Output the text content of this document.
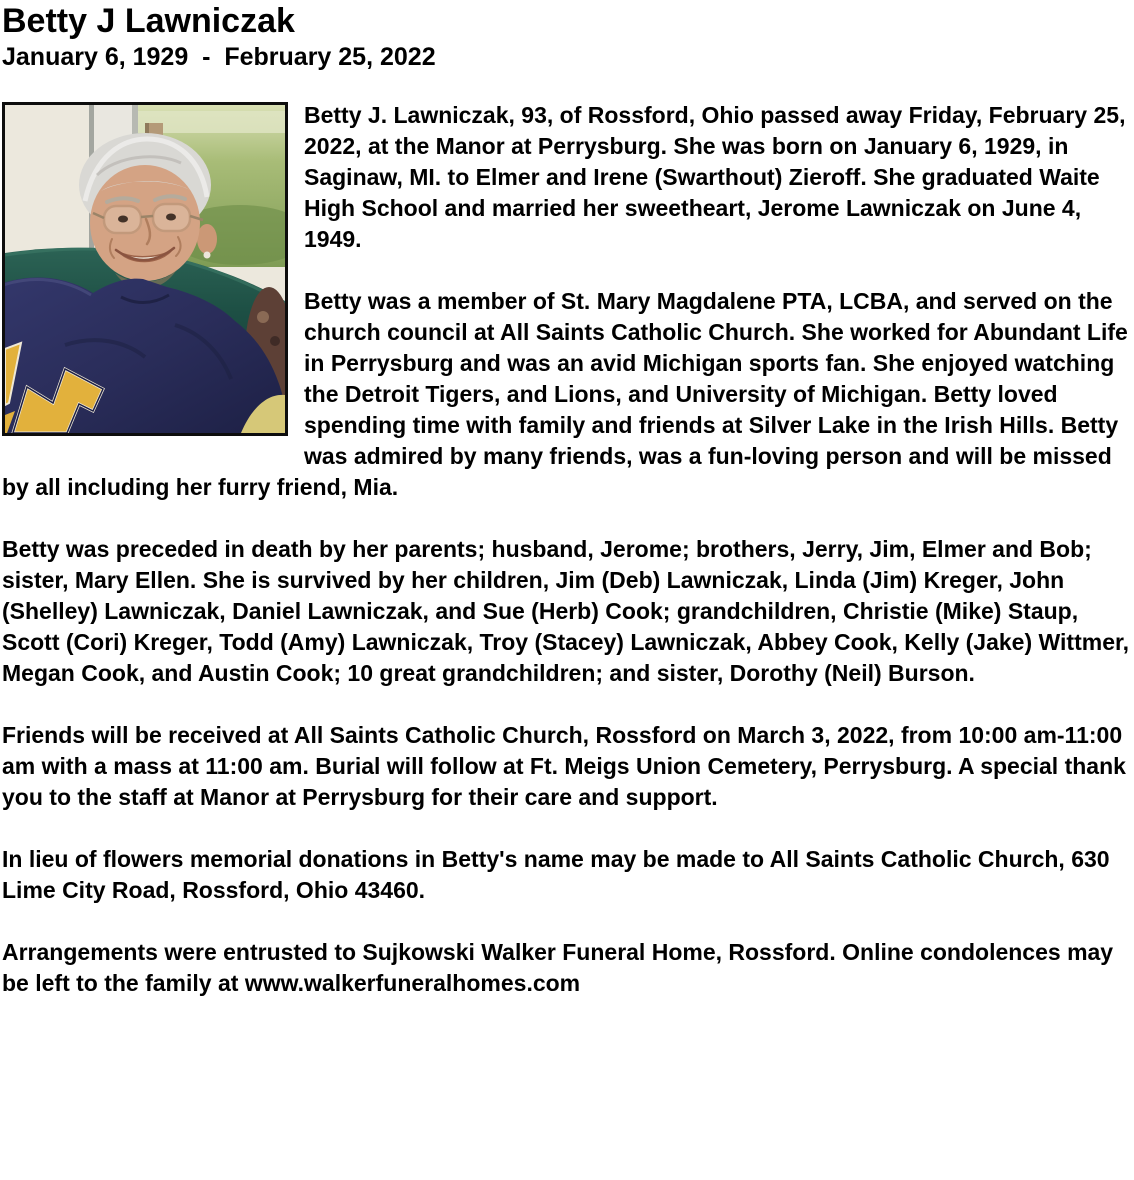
Betty J Lawniczak
January 6, 1929  -  February 25, 2022

Betty J. Lawniczak, 93, of Rossford, Ohio passed away Friday, February 25, 2022, at the Manor at Perrysburg. She was born on January 6, 1929, in Saginaw, MI. to Elmer and Irene (Swarthout) Zieroff. She graduated Waite High School and married her sweetheart, Jerome Lawniczak on June 4, 1949.

Betty was a member of St. Mary Magdalene PTA, LCBA, and served on the church council at All Saints Catholic Church. She worked for Abundant Life in Perrysburg and was an avid Michigan sports fan. She enjoyed watching the Detroit Tigers, and Lions, and University of Michigan. Betty loved spending time with family and friends at Silver Lake in the Irish Hills. Betty was admired by many friends, was a fun-loving person and will be missed by all including her furry friend, Mia.

Betty was preceded in death by her parents; husband, Jerome; brothers, Jerry, Jim, Elmer and Bob; sister, Mary Ellen. She is survived by her children, Jim (Deb) Lawniczak, Linda (Jim) Kreger, John (Shelley) Lawniczak, Daniel Lawniczak, and Sue (Herb) Cook; grandchildren, Christie (Mike) Staup, Scott (Cori) Kreger, Todd (Amy) Lawniczak, Troy (Stacey) Lawniczak, Abbey Cook, Kelly (Jake) Wittmer, Megan Cook, and Austin Cook; 10 great grandchildren; and sister, Dorothy (Neil) Burson.

Friends will be received at All Saints Catholic Church, Rossford on March 3, 2022, from 10:00 am-11:00 am with a mass at 11:00 am. Burial will follow at Ft. Meigs Union Cemetery, Perrysburg. A special thank you to the staff at Manor at Perrysburg for their care and support.

In lieu of flowers memorial donations in Betty's name may be made to All Saints Catholic Church, 630 Lime City Road, Rossford, Ohio 43460.

Arrangements were entrusted to Sujkowski Walker Funeral Home, Rossford. Online condolences may be left to the family at www.walkerfuneralhomes.com
